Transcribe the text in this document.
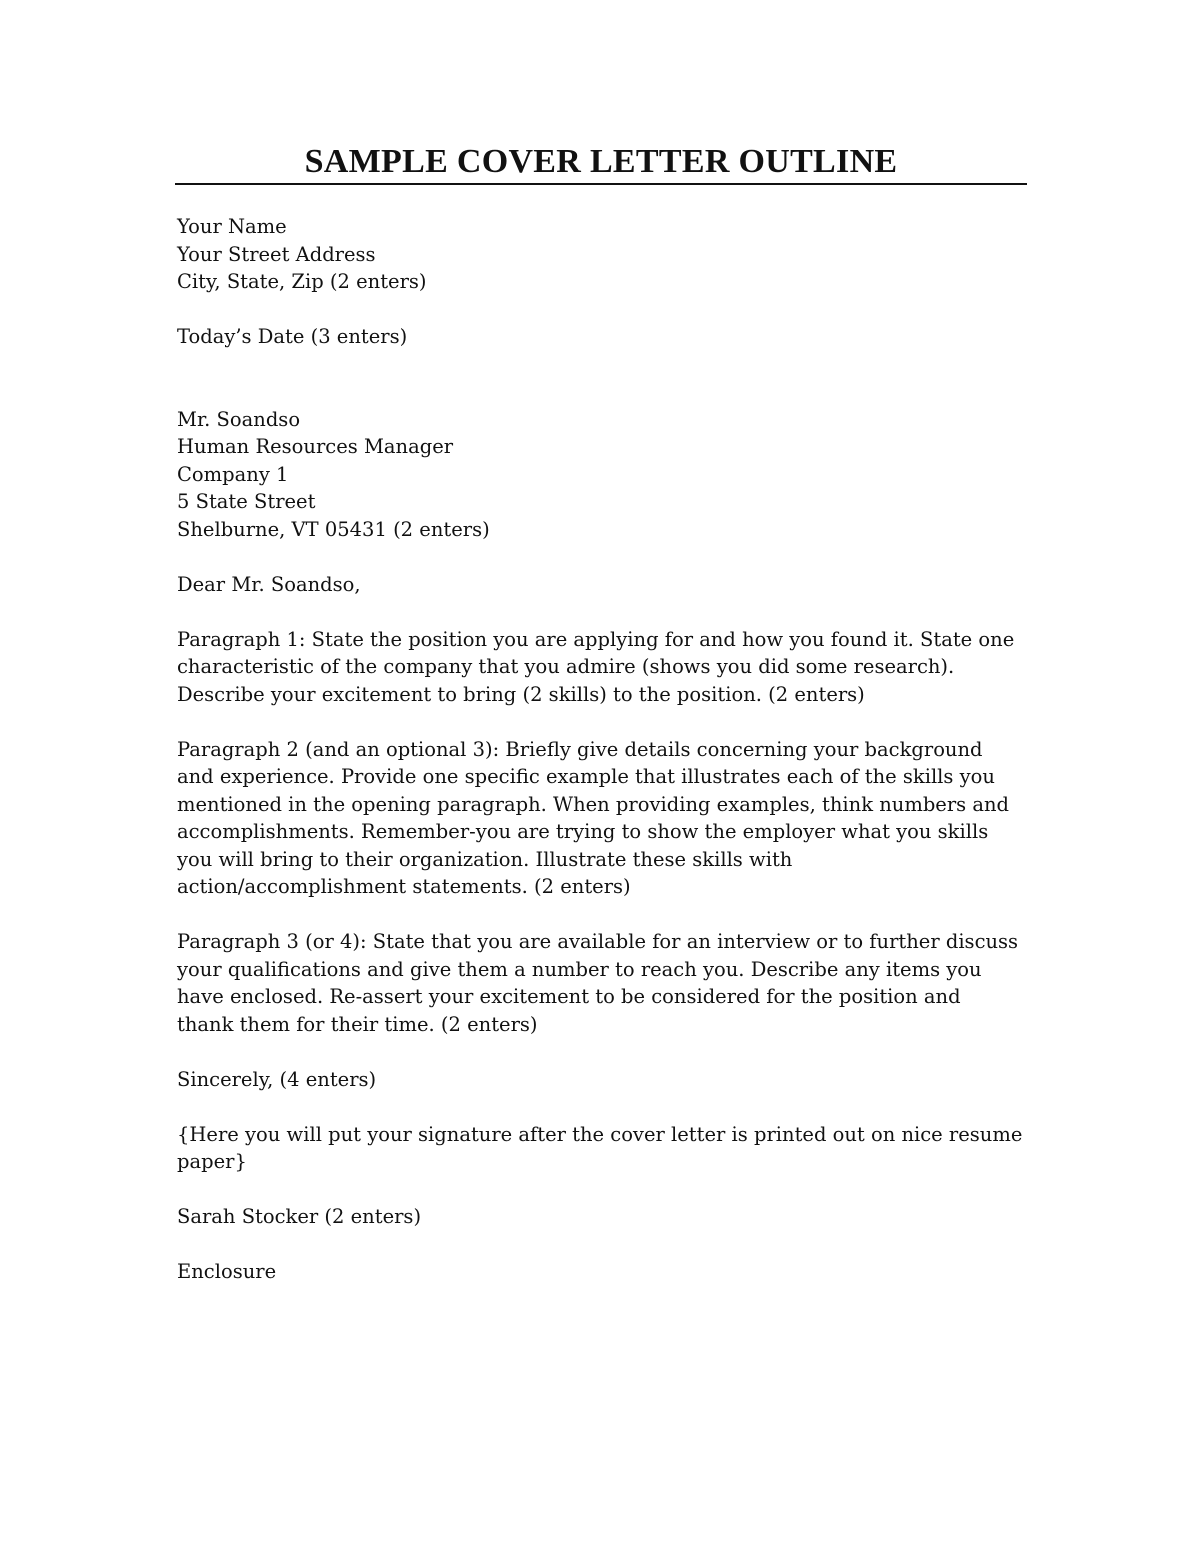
SAMPLE COVER LETTER OUTLINE
Your Name
Your Street Address
City, State, Zip (2 enters)
Today’s Date (3 enters)
Mr. Soandso
Human Resources Manager
Company 1
5 State Street
Shelburne, VT 05431 (2 enters)
Dear Mr. Soandso,
Paragraph 1: State the position you are applying for and how you found it. State one
characteristic of the company that you admire (shows you did some research).
Describe your excitement to bring (2 skills) to the position. (2 enters)
Paragraph 2 (and an optional 3): Briefly give details concerning your background
and experience. Provide one specific example that illustrates each of the skills you
mentioned in the opening paragraph. When providing examples, think numbers and
accomplishments. Remember-you are trying to show the employer what you skills
you will bring to their organization. Illustrate these skills with
action/accomplishment statements. (2 enters)
Paragraph 3 (or 4): State that you are available for an interview or to further discuss
your qualifications and give them a number to reach you. Describe any items you
have enclosed. Re-assert your excitement to be considered for the position and
thank them for their time. (2 enters)
Sincerely, (4 enters)
{Here you will put your signature after the cover letter is printed out on nice resume
paper}
Sarah Stocker (2 enters)
Enclosure
